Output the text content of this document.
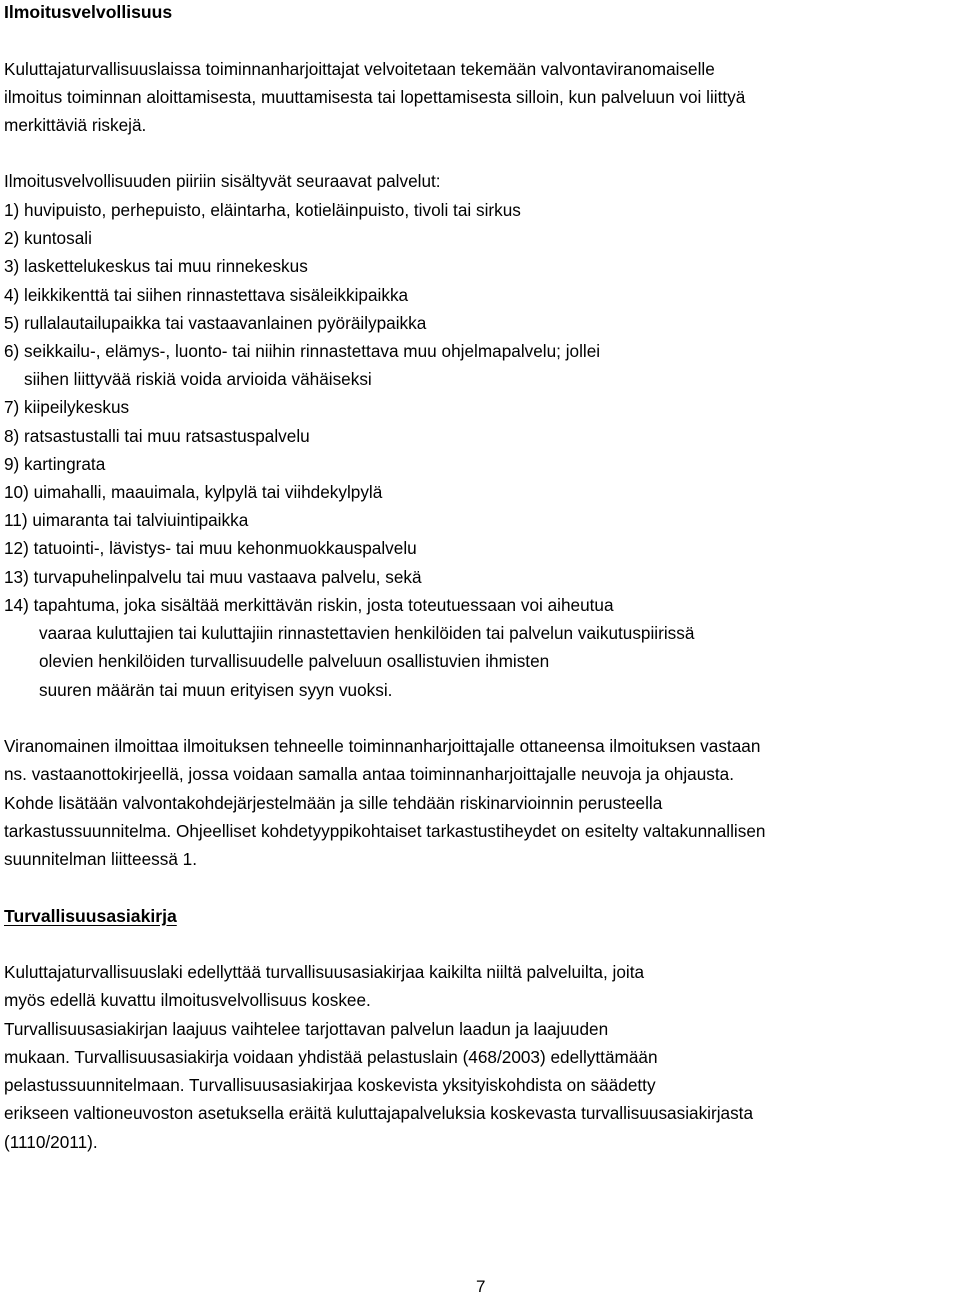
Ilmoitusvelvollisuus
Kuluttajaturvallisuuslaissa toiminnanharjoittajat velvoitetaan tekemään valvontaviranomaiselle
ilmoitus toiminnan aloittamisesta, muuttamisesta tai lopettamisesta silloin, kun palveluun voi liittyä
merkittäviä riskejä.
Ilmoitusvelvollisuuden piiriin sisältyvät seuraavat palvelut:
1) huvipuisto, perhepuisto, eläintarha, kotieläinpuisto, tivoli tai sirkus
2) kuntosali
3) laskettelukeskus tai muu rinnekeskus
4) leikkikenttä tai siihen rinnastettava sisäleikkipaikka
5) rullalautailupaikka tai vastaavanlainen pyöräilypaikka
6) seikkailu-, elämys-, luonto- tai niihin rinnastettava muu ohjelmapalvelu; jollei
siihen liittyvää riskiä voida arvioida vähäiseksi
7) kiipeilykeskus
8) ratsastustalli tai muu ratsastuspalvelu
9) kartingrata
10) uimahalli, maauimala, kylpylä tai viihdekylpylä
11) uimaranta tai talviuintipaikka
12) tatuointi-, lävistys- tai muu kehonmuokkauspalvelu
13) turvapuhelinpalvelu tai muu vastaava palvelu, sekä
14) tapahtuma, joka sisältää merkittävän riskin, josta toteutuessaan voi aiheutua
vaaraa kuluttajien tai kuluttajiin rinnastettavien henkilöiden tai palvelun vaikutuspiirissä
olevien henkilöiden turvallisuudelle palveluun osallistuvien ihmisten
suuren määrän tai muun erityisen syyn vuoksi.
Viranomainen ilmoittaa ilmoituksen tehneelle toiminnanharjoittajalle ottaneensa ilmoituksen vastaan
ns. vastaanottokirjeellä, jossa voidaan samalla antaa toiminnanharjoittajalle neuvoja ja ohjausta.
Kohde lisätään valvontakohdejärjestelmään ja sille tehdään riskinarvioinnin perusteella
tarkastussuunnitelma. Ohjeelliset kohdetyyppikohtaiset tarkastustiheydet on esitelty valtakunnallisen
suunnitelman liitteessä 1.
Turvallisuusasiakirja
Kuluttajaturvallisuuslaki edellyttää turvallisuusasiakirjaa kaikilta niiltä palveluilta, joita
myös edellä kuvattu ilmoitusvelvollisuus koskee.
Turvallisuusasiakirjan laajuus vaihtelee tarjottavan palvelun laadun ja laajuuden
mukaan. Turvallisuusasiakirja voidaan yhdistää pelastuslain (468/2003) edellyttämään
pelastussuunnitelmaan. Turvallisuusasiakirjaa koskevista yksityiskohdista on säädetty
erikseen valtioneuvoston asetuksella eräitä kuluttajapalveluksia koskevasta turvallisuusasiakirjasta
(1110/2011).
7
